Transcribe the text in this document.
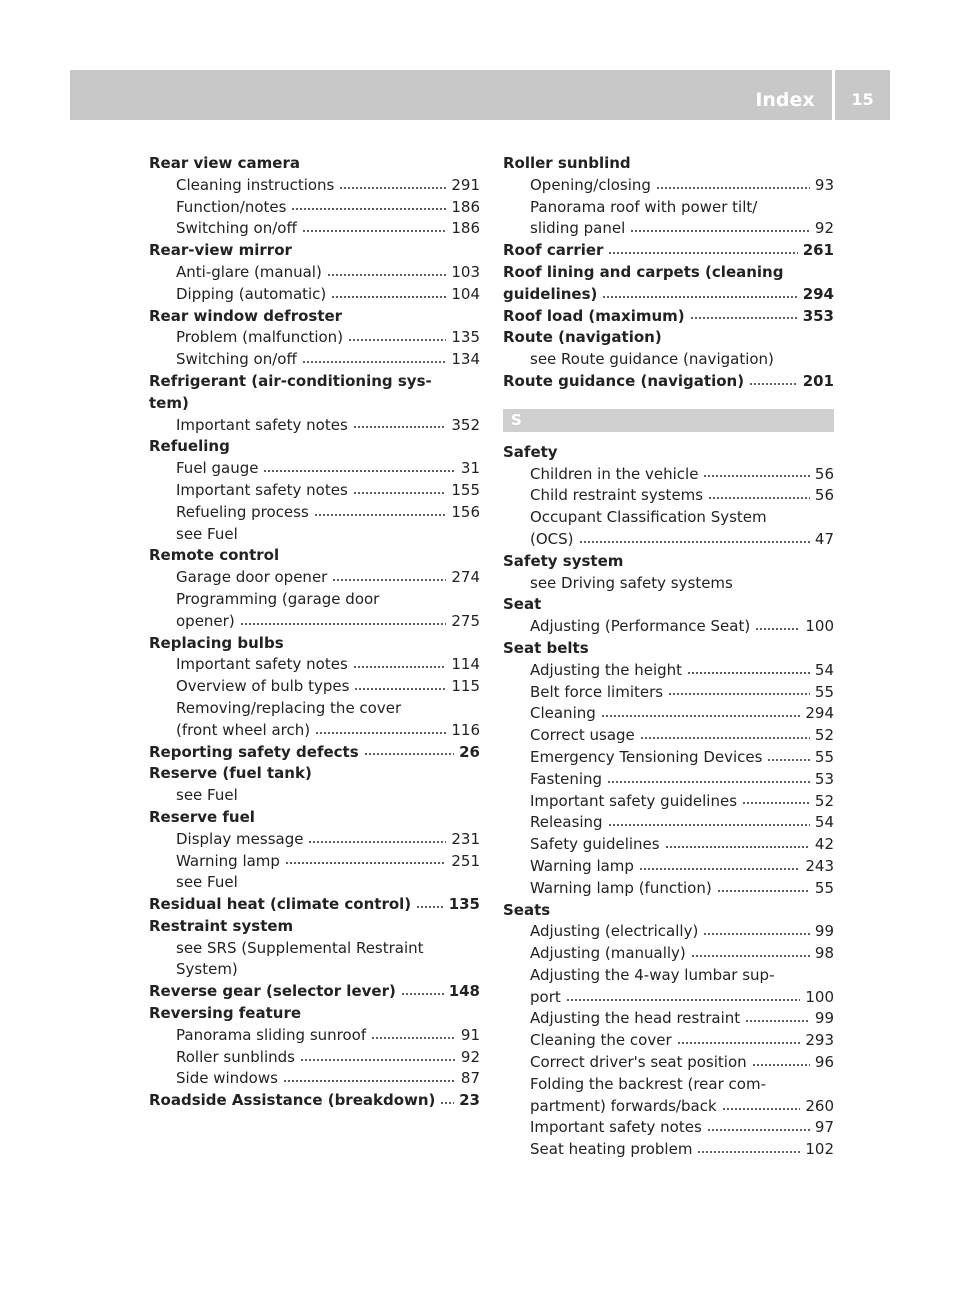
Index	15
Rear view camera
Cleaning instructions	291
Function/notes	186
Switching on/off	186
Rear-view mirror
Anti-glare (manual)	103
Dipping (automatic)	104
Rear window defroster
Problem (malfunction)	135
Switching on/off	134
Refrigerant (air-conditioning sys-
tem)
Important safety notes	352
Refueling
Fuel gauge	31
Important safety notes	155
Refueling process	156
see Fuel
Remote control
Garage door opener	274
Programming (garage door
opener)	275
Replacing bulbs
Important safety notes	114
Overview of bulb types	115
Removing/replacing the cover
(front wheel arch)	116
Reporting safety defects	26
Reserve (fuel tank)
see Fuel
Reserve fuel
Display message	231
Warning lamp	251
see Fuel
Residual heat (climate control)	135
Restraint system
see SRS (Supplemental Restraint
System)
Reverse gear (selector lever)	148
Reversing feature
Panorama sliding sunroof	91
Roller sunblinds	92
Side windows	87
Roadside Assistance (breakdown) 23
Roller sunblind
Opening/closing	93
Panorama roof with power tilt/
sliding panel	92
Roof carrier	261
Roof lining and carpets (cleaning
guidelines)	294
Roof load (maximum)	353
Route (navigation)
see Route guidance (navigation)
Route guidance (navigation)	201
S
Safety
Children in the vehicle	56
Child restraint systems	56
Occupant Classification System
(OCS)	47
Safety system
see Driving safety systems
Seat
Adjusting (Performance Seat)	100
Seat belts
Adjusting the height	54
Belt force limiters	55
Cleaning	294
Correct usage	52
Emergency Tensioning Devices	55
Fastening	53
Important safety guidelines	52
Releasing	54
Safety guidelines	42
Warning lamp	243
Warning lamp (function)	55
Seats
Adjusting (electrically)	99
Adjusting (manually)	98
Adjusting the 4-way lumbar sup-
port	100
Adjusting the head restraint	99
Cleaning the cover	293
Correct driver's seat position	96
Folding the backrest (rear com-
partment) forwards/back	260
Important safety notes	97
Seat heating problem	102
